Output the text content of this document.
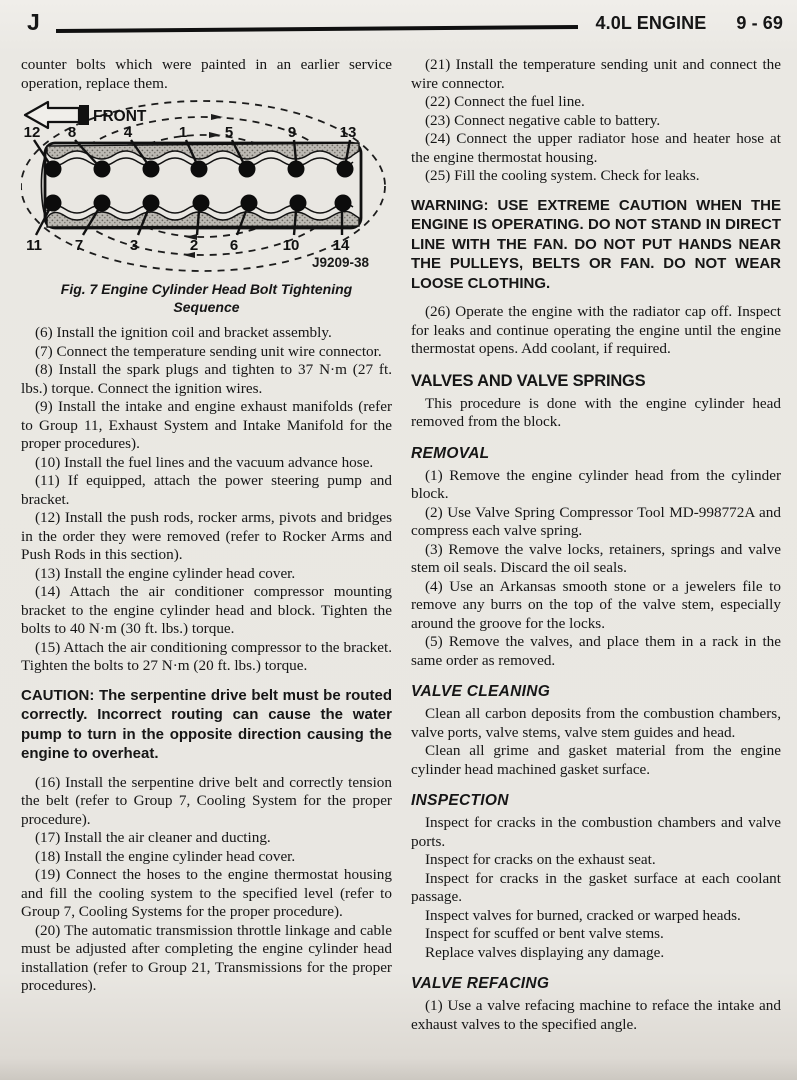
J	4.0L ENGINE 9 - 69

counter bolts which were painted in an earlier service operation, replace them.

FRONT
12 8	4	1	5	9	13
11 7	3	2 6	10 14
J9209-38
Fig. 7 Engine Cylinder Head Bolt Tightening
Sequence

(6) Install the ignition coil and bracket assembly.

(7) Connect the temperature sending unit wire connector.

(8) Install the spark plugs and tighten to 37 N·m (27 ft. lbs.) torque. Connect the ignition wires.

(9) Install the intake and engine exhaust manifolds (refer to Group 11, Exhaust System and Intake Manifold for the proper procedures).

(10) Install the fuel lines and the vacuum advance hose.

(11) If equipped, attach the power steering pump and bracket.

(12) Install the push rods, rocker arms, pivots and bridges in the order they were removed (refer to Rocker Arms and Push Rods in this section).

(13) Install the engine cylinder head cover.

(14) Attach the air conditioner compressor mounting bracket to the engine cylinder head and block. Tighten the bolts to 40 N·m (30 ft. lbs.) torque.

(15) Attach the air conditioning compressor to the bracket. Tighten the bolts to 27 N·m (20 ft. lbs.) torque.

CAUTION: The serpentine drive belt must be routed correctly. Incorrect routing can cause the water pump to turn in the opposite direction causing the engine to overheat.

(16) Install the serpentine drive belt and correctly tension the belt (refer to Group 7, Cooling System for the proper procedure).

(17) Install the air cleaner and ducting.

(18) Install the engine cylinder head cover.

(19) Connect the hoses to the engine thermostat housing and fill the cooling system to the specified level (refer to Group 7, Cooling Systems for the proper procedure).

(20) The automatic transmission throttle linkage and cable must be adjusted after completing the engine cylinder head installation (refer to Group 21, Transmissions for the proper procedures).

(21) Install the temperature sending unit and connect the wire connector.

(22) Connect the fuel line.

(23) Connect negative cable to battery.

(24) Connect the upper radiator hose and heater hose at the engine thermostat housing.

(25) Fill the cooling system. Check for leaks.

WARNING: USE EXTREME CAUTION WHEN THE ENGINE IS OPERATING. DO NOT STAND IN DIRECT LINE WITH THE FAN. DO NOT PUT HANDS NEAR THE PULLEYS, BELTS OR FAN. DO NOT WEAR LOOSE CLOTHING.

(26) Operate the engine with the radiator cap off. Inspect for leaks and continue operating the engine until the engine thermostat opens. Add coolant, if required.

VALVES AND VALVE SPRINGS

This procedure is done with the engine cylinder head removed from the block.

REMOVAL

(1) Remove the engine cylinder head from the cylinder block.

(2) Use Valve Spring Compressor Tool MD-998772A and compress each valve spring.

(3) Remove the valve locks, retainers, springs and valve stem oil seals. Discard the oil seals.

(4) Use an Arkansas smooth stone or a jewelers file to remove any burrs on the top of the valve stem, especially around the groove for the locks.

(5) Remove the valves, and place them in a rack in the same order as removed.

VALVE CLEANING

Clean all carbon deposits from the combustion chambers, valve ports, valve stems, valve stem guides and head.

Clean all grime and gasket material from the engine cylinder head machined gasket surface.

INSPECTION

Inspect for cracks in the combustion chambers and valve ports.

Inspect for cracks on the exhaust seat.

Inspect for cracks in the gasket surface at each coolant passage.

Inspect valves for burned, cracked or warped heads.

Inspect for scuffed or bent valve stems.

Replace valves displaying any damage.

VALVE REFACING

(1) Use a valve refacing machine to reface the intake and exhaust valves to the specified angle.
